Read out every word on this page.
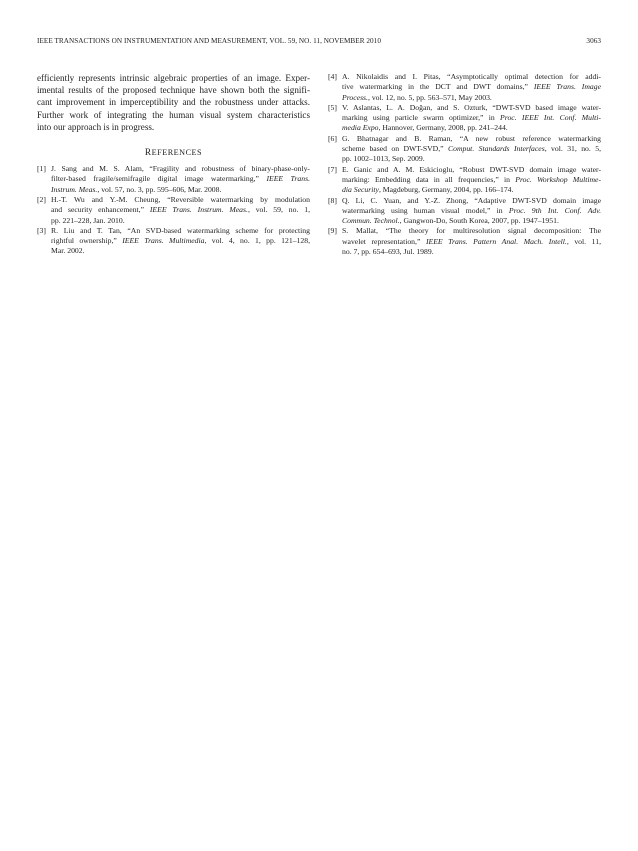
IEEE TRANSACTIONS ON INSTRUMENTATION AND MEASUREMENT, VOL. 59, NO. 11, NOVEMBER 2010	3063

efficiently represents intrinsic algebraic properties of an image. Exper-
imental results of the proposed technique have shown both the signifi-
cant improvement in imperceptibility and the robustness under attacks.
Further work of integrating the human visual system characteristics
into our approach is in progress.

REFERENCES
[1] J. Sang and M. S. Alam, “Fragility and robustness of binary-phase-only-
filter-based fragile/semifragile digital image watermarking,” IEEE Trans.
Instrum. Meas., vol. 57, no. 3, pp. 595–606, Mar. 2008.
[2] H.-T. Wu and Y.-M. Cheung, “Reversible watermarking by modulation
and security enhancement,” IEEE Trans. Instrum. Meas., vol. 59, no. 1,
pp. 221–228, Jan. 2010.
[3] R. Liu and T. Tan, “An SVD-based watermarking scheme for protecting
rightful ownership,” IEEE Trans. Multimedia, vol. 4, no. 1, pp. 121–128,
Mar. 2002.
[4] A. Nikolaidis and I. Pitas, “Asymptotically optimal detection for addi-
tive watermarking in the DCT and DWT domains,” IEEE Trans. Image
Process., vol. 12, no. 5, pp. 563–571, May 2003.
[5] V. Aslantas, L. A. Doğan, and S. Ozturk, “DWT-SVD based image water-
marking using particle swarm optimizer,” in Proc. IEEE Int. Conf. Multi-
media Expo, Hannover, Germany, 2008, pp. 241–244.
[6] G. Bhatnagar and B. Raman, “A new robust reference watermarking
scheme based on DWT-SVD,” Comput. Standards Interfaces, vol. 31, no. 5,
pp. 1002–1013, Sep. 2009.
[7] E. Ganic and A. M. Eskicioglu, “Robust DWT-SVD domain image water-
marking: Embedding data in all frequencies,” in Proc. Workshop Multime-
dia Security, Magdeburg, Germany, 2004, pp. 166–174.
[8] Q. Li, C. Yuan, and Y.-Z. Zhong, “Adaptive DWT-SVD domain image
watermarking using human visual model,” in Proc. 9th Int. Conf. Adv.
Commun. Technol., Gangwon-Do, South Korea, 2007, pp. 1947–1951.
[9] S. Mallat, “The theory for multiresolution signal decomposition: The
wavelet representation,” IEEE Trans. Pattern Anal. Mach. Intell., vol. 11,
no. 7, pp. 654–693, Jul. 1989.
